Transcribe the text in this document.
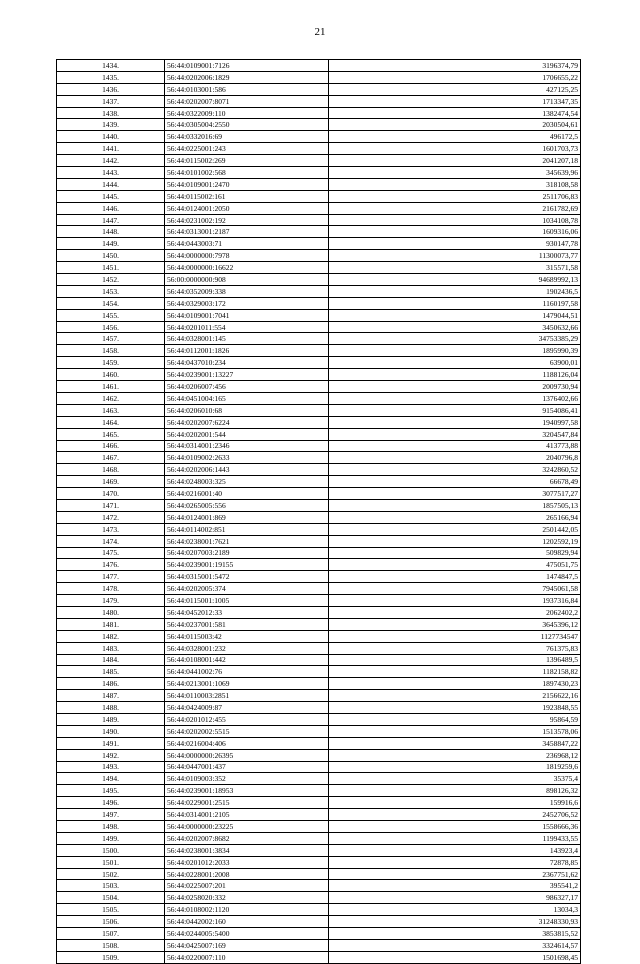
21
1434.	56:44:0109001:7126	3196374,79
1435.	56:44:0202006:1829	1706655,22
1436.	56:44:0103001:586	427125,25
1437.	56:44:0202007:8071	1713347,35
1438.	56:44:0322009:110	1382474,54
1439.	56:44:0305004:2550	2030504,61
1440.	56:44:0332016:69	496172,5
1441.	56:44:0225001:243	1601703,73
1442.	56:44:0115002:269	2041207,18
1443.	56:44:0101002:568	345639,96
1444.	56:44:0109001:2470	318108,58
1445.	56:44:0115002:161	2511706,83
1446.	56:44:0124001:2050	2161782,69
1447.	56:44:0231002:192	1034108,78
1448.	56:44:0313001:2187	1609316,06
1449.	56:44:0443003:71	930147,78
1450.	56:44:0000000:7978	11300073,77
1451.	56:44:0000000:16622	315571,58
1452.	56:00:0000000:908	94689992,13
1453.	56:44:0352009:338	1902436,5
1454.	56:44:0329003:172	1160197,58
1455.	56:44:0109001:7041	1479044,51
1456.	56:44:0201011:554	3450632,66
1457.	56:44:0328001:145	34753385,29
1458.	56:44:0112001:1826	1895990,39
1459.	56:44:0437010:234	63900,01
1460.	56:44:0239001:13227	1188126,04
1461.	56:44:0206007:456	2009730,94
1462.	56:44:0451004:165	1376402,66
1463.	56:44:0206010:68	9154086,41
1464.	56:44:0202007:6224	1940997,58
1465.	56:44:0202001:544	3204547,84
1466.	56:44:0314001:2346	413773,88
1467.	56:44:0109002:2633	2040796,8
1468.	56:44:0202006:1443	3242860,52
1469.	56:44:0248003:325	66678,49
1470.	56:44:0216001:40	3077517,27
1471.	56:44:0265005:556	1857505,13
1472.	56:44:0124001:869	265166,94
1473.	56:44:0114002:851	2501442,05
1474.	56:44:0238001:7621	1202592,19
1475.	56:44:0207003:2189	509829,94
1476.	56:44:0239001:19155	475051,75
1477.	56:44:0315001:5472	1474847,5
1478.	56:44:0202005:374	7945061,58
1479.	56:44:0115001:1005	1937316,84
1480.	56:44:0452012:33	2062402,2
1481.	56:44:0237001:581	3645396,12
1482.	56:44:0115003:42	1127734547
1483.	56:44:0328001:232	761375,83
1484.	56:44:0108001:442	1396489,5
1485.	56:44:0441002:76	1182158,82
1486.	56:44:0213001:1069	1897430,23
1487.	56:44:0110003:2851	2156622,16
1488.	56:44:0424009:87	1923848,55
1489.	56:44:0201012:455	95864,59
1490.	56:44:0202002:5515	1513578,06
1491.	56:44:0216004:406	3458847,22
1492.	56:44:0000000:26395	236968,12
1493.	56:44:0447001:437	1819259,6
1494.	56:44:0109003:352	35375,4
1495.	56:44:0239001:18953	898126,32
1496.	56:44:0229001:2515	159916,6
1497.	56:44:0314001:2105	2452706,52
1498.	56:44:0000000:23225	1558666,36
1499.	56:44:0202007:8682	1199433,55
1500.	56:44:0238001:3834	143923,4
1501.	56:44:0201012:2033	72878,85
1502.	56:44:0228001:2008	2367751,62
1503.	56:44:0225007:201	395541,2
1504.	56:44:0258020:332	986327,17
1505.	56:44:0108002:1120	13034,3
1506.	56:44:0442002:160	31248330,93
1507.	56:44:0244005:5400	3853815,52
1508.	56:44:0425007:169	3324614,57
1509.	56:44:0220007:110	1501698,45
